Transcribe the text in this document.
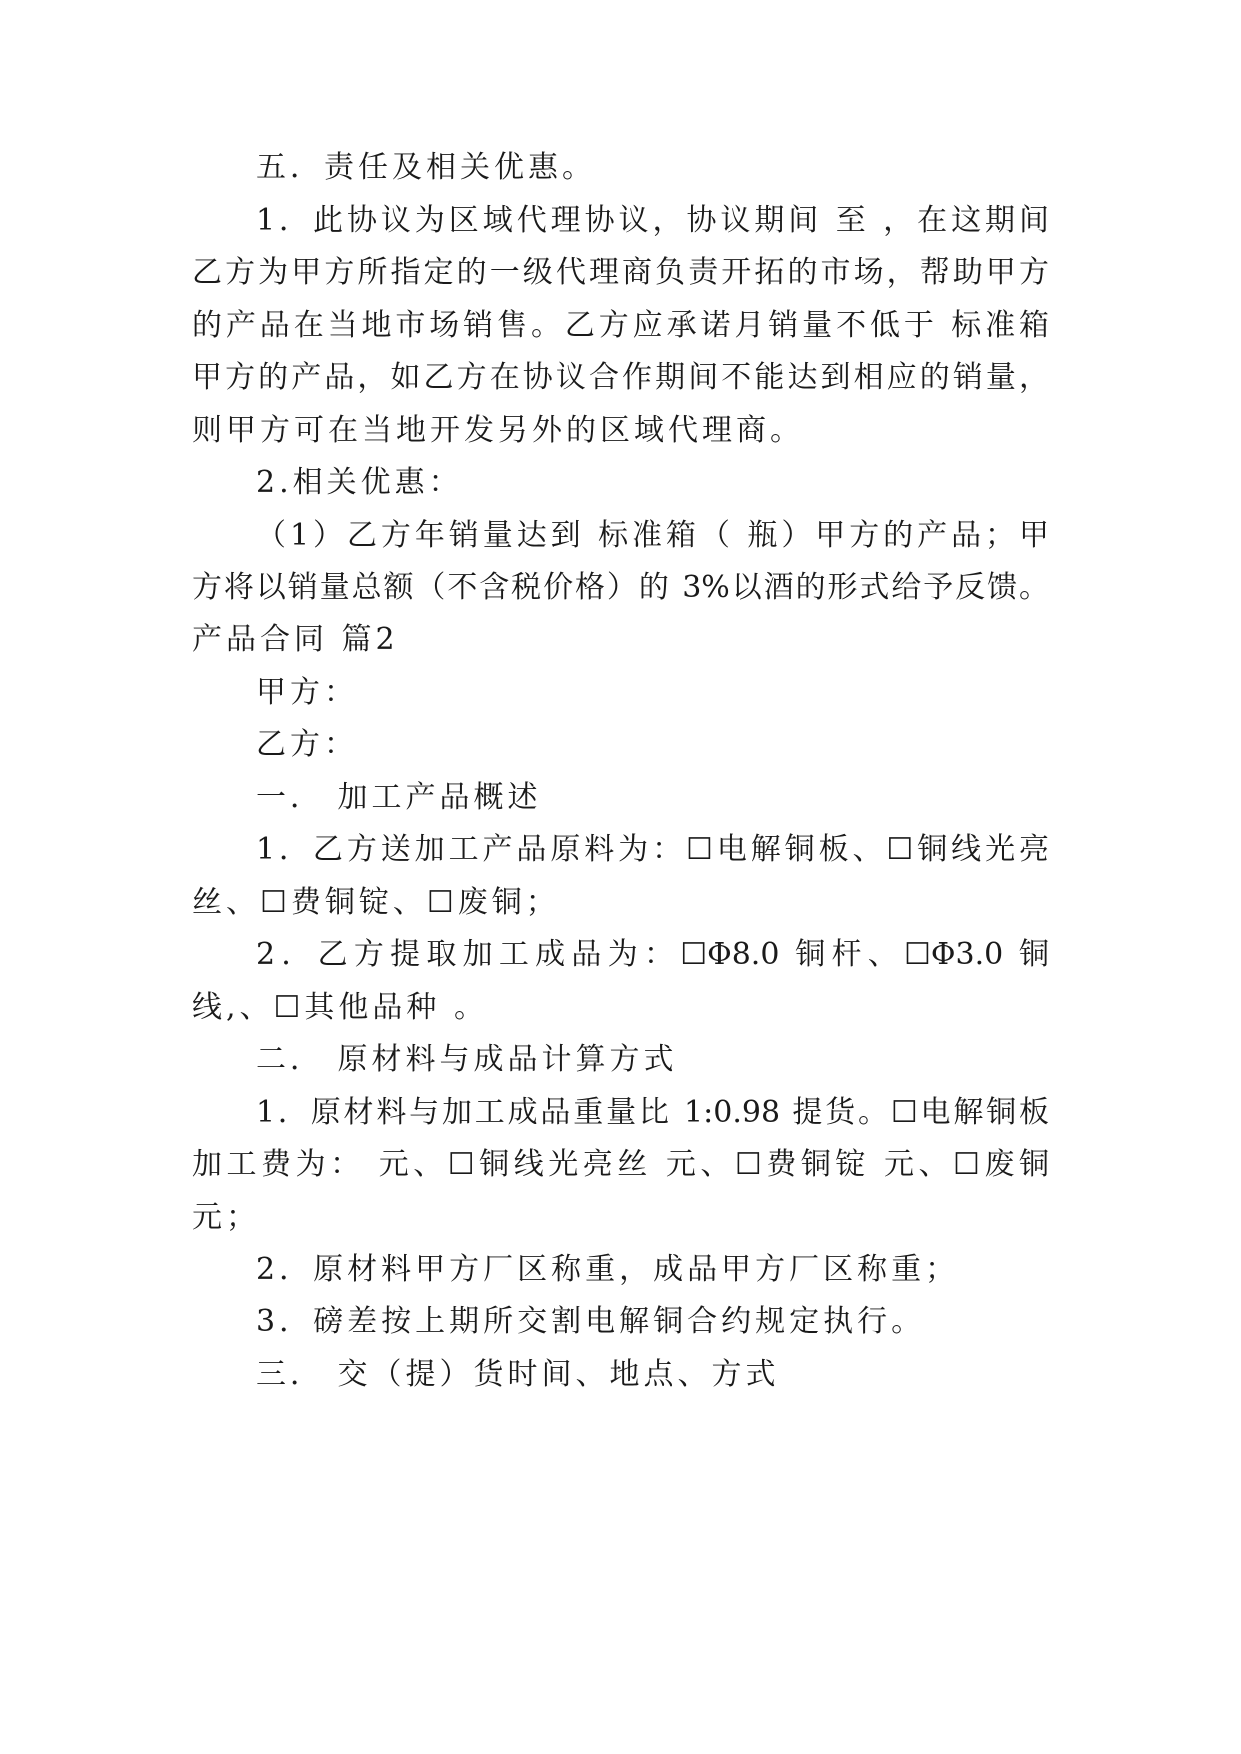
五．责任及相关优惠。
1．此协议为区域代理协议，协议期间 至 ，在这期间
乙方为甲方所指定的一级代理商负责开拓的市场，帮助甲方
的产品在当地市场销售。乙方应承诺月销量不低于 标准箱
甲方的产品，如乙方在协议合作期间不能达到相应的销量，
则甲方可在当地开发另外的区域代理商。
2.相关优惠：
（1）乙方年销量达到 标准箱（ 瓶）甲方的产品；甲
方将以销量总额（不含税价格）的 3%以酒的形式给予反馈。
产品合同 篇2
甲方：
乙方：
一． 加工产品概述
1．乙方送加工产品原料为：☐电解铜板、☐铜线光亮
丝、☐费铜锭、☐废铜；
2．乙方提取加工成品为：☐Φ8.0 铜杆、☐Φ3.0 铜
线,、☐其他品种 。
二． 原材料与成品计算方式
1．原材料与加工成品重量比 1:0.98 提货。☐电解铜板
加工费为： 元、☐铜线光亮丝 元、☐费铜锭 元、☐废铜
元；
2．原材料甲方厂区称重，成品甲方厂区称重；
3．磅差按上期所交割电解铜合约规定执行。
三． 交（提）货时间、地点、方式
